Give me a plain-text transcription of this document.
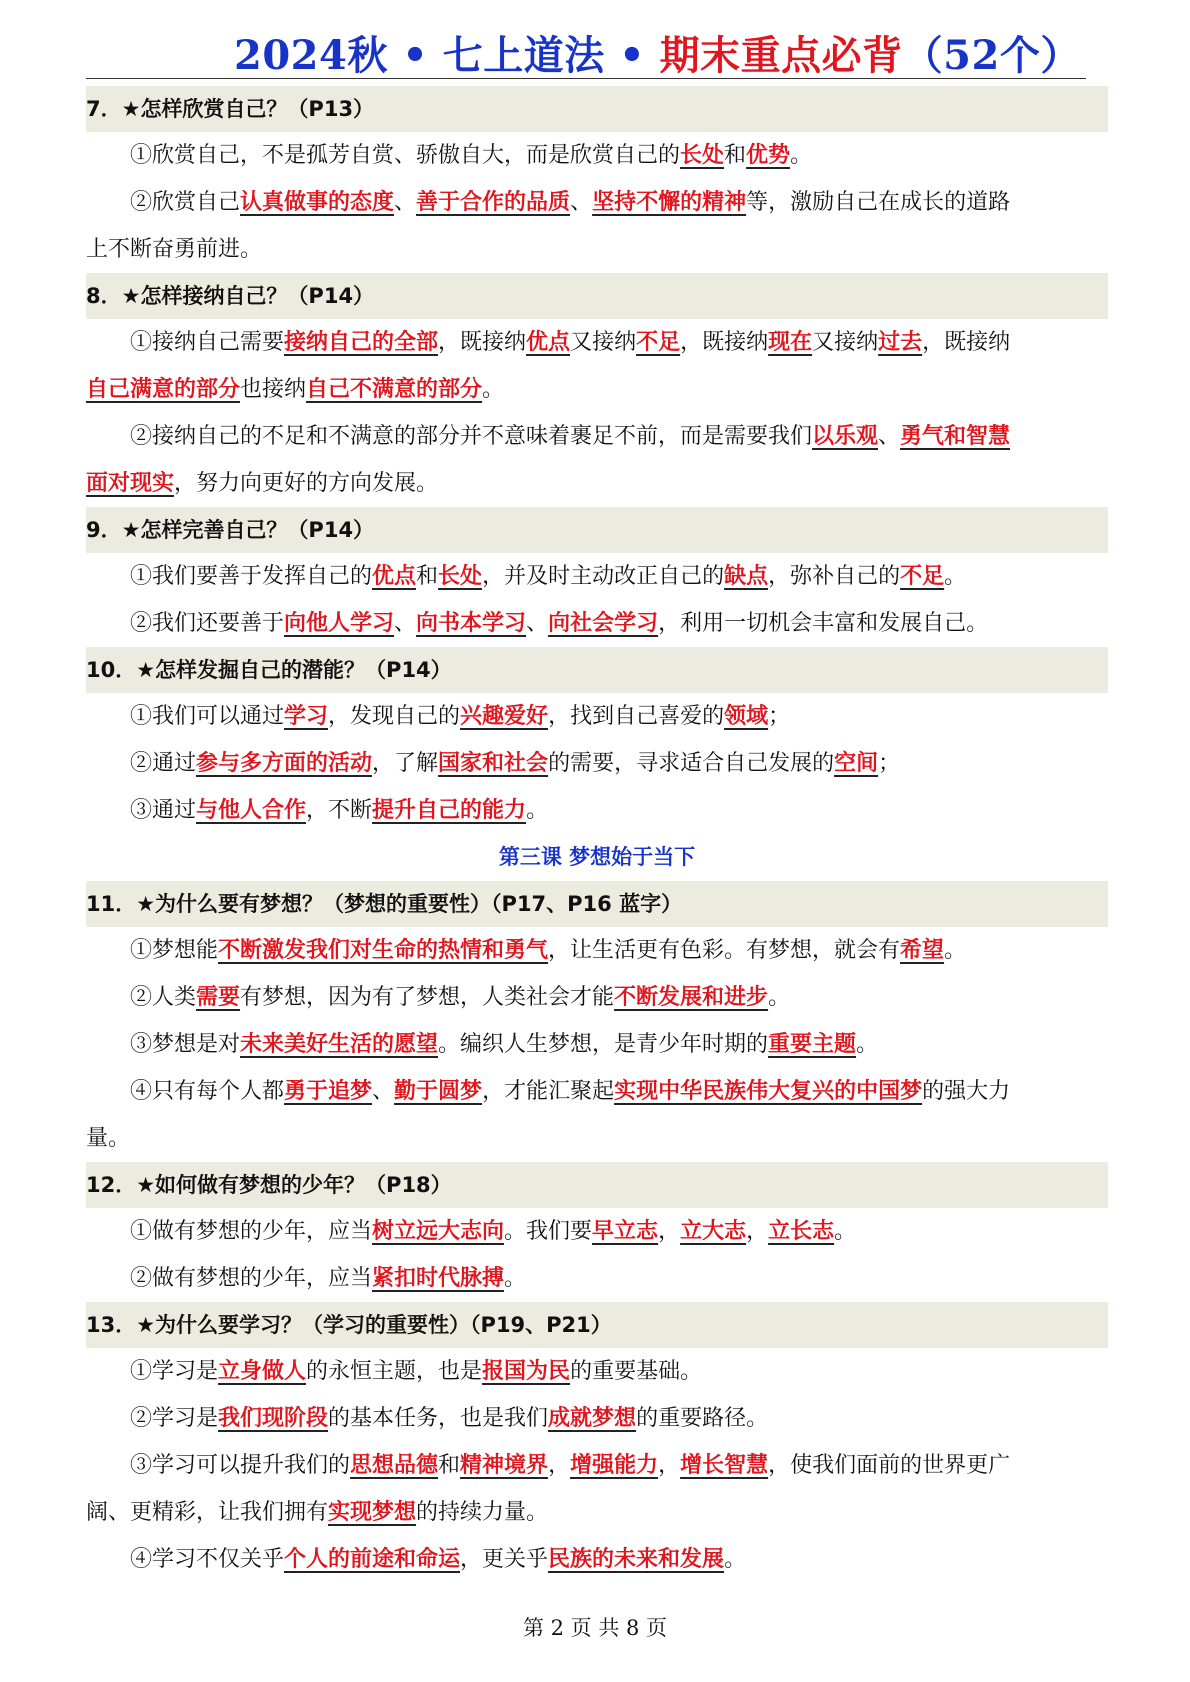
2024秋 • 七上道法 • 期末重点必背（52个）
7．★怎样欣赏自己？（P13）

①欣赏自己，不是孤芳自赏、骄傲自大，而是欣赏自己的长处和优势。

②欣赏自己认真做事的态度、善于合作的品质、坚持不懈的精神等，激励自己在成长的道路

上不断奋勇前进。

8．★怎样接纳自己？（P14）

①接纳自己需要接纳自己的全部，既接纳优点又接纳不足，既接纳现在又接纳过去，既接纳

自己满意的部分也接纳自己不满意的部分。

②接纳自己的不足和不满意的部分并不意味着裹足不前，而是需要我们以乐观、勇气和智慧

面对现实，努力向更好的方向发展。

9．★怎样完善自己？（P14）

①我们要善于发挥自己的优点和长处，并及时主动改正自己的缺点，弥补自己的不足。

②我们还要善于向他人学习、向书本学习、向社会学习，利用一切机会丰富和发展自己。

10．★怎样发掘自己的潜能？（P14）

①我们可以通过学习，发现自己的兴趣爱好，找到自己喜爱的领域；

②通过参与多方面的活动，了解国家和社会的需要，寻求适合自己发展的空间；

③通过与他人合作，不断提升自己的能力。

第三课 梦想始于当下

11．★为什么要有梦想？（梦想的重要性）（P17、P16 蓝字）

①梦想能不断激发我们对生命的热情和勇气，让生活更有色彩。有梦想，就会有希望。

②人类需要有梦想，因为有了梦想，人类社会才能不断发展和进步。

③梦想是对未来美好生活的愿望。编织人生梦想，是青少年时期的重要主题。

④只有每个人都勇于追梦、勤于圆梦，才能汇聚起实现中华民族伟大复兴的中国梦的强大力

量。

12．★如何做有梦想的少年？（P18）

①做有梦想的少年，应当树立远大志向。我们要早立志，立大志，立长志。

②做有梦想的少年，应当紧扣时代脉搏。

13．★为什么要学习？（学习的重要性）（P19、P21）

①学习是立身做人的永恒主题，也是报国为民的重要基础。

②学习是我们现阶段的基本任务，也是我们成就梦想的重要路径。

③学习可以提升我们的思想品德和精神境界，增强能力，增长智慧，使我们面前的世界更广

阔、更精彩，让我们拥有实现梦想的持续力量。

④学习不仅关乎个人的前途和命运，更关乎民族的未来和发展。

第 2 页 共 8 页
